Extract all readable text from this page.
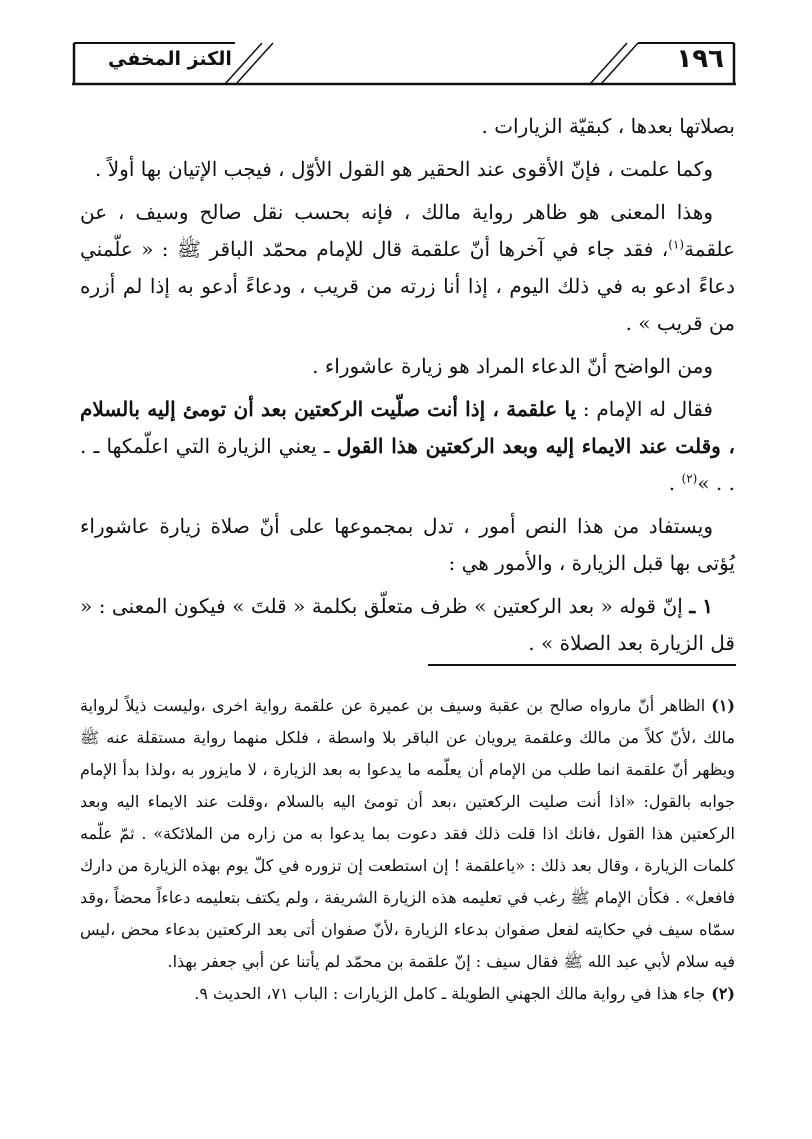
١٩٦
الكنز المخفي

بصلاتها بعدها ، كبقيّة الزيارات .

وكما علمت ، فإنّ الأقوى عند الحقير هو القول الأوّل ، فيجب الإتيان بها أولاً .

وهذا المعنى هو ظاهر رواية مالك ، فإنه بحسب نقل صالح وسيف ، عن علقمة$^{(١)}$، فقد جاء في آخرها أنّ علقمة قال للإمام محمّد الباقر ﷺ : « علّمني دعاءً ادعو به في ذلك اليوم ، إذا أنا زرته من قريب ، ودعاءً أدعو به إذا لم أزره من قريب » .

ومن الواضح أنّ الدعاء المراد هو زيارة عاشوراء .

فقال له الإمام : يا علقمة ، إذا أنت صلّيت الركعتين بعد أن تومئ إليه بالسلام ، وقلت عند الايماء إليه وبعد الركعتين هذا القول ـ يعني الزيارة التي اعلّمكها ـ . . . »$^{(٢)}$ .

ويستفاد من هذا النص أمور ، تدل بمجموعها على أنّ صلاة زيارة عاشوراء يُؤتى بها قبل الزيارة ، والأمور هي :

١ ـ إنّ قوله « بعد الركعتين » ظرف متعلّق بكلمة « قلتَ » فيكون المعنى : « قل الزيارة بعد الصلاة » .

(١)الظاهر أنّ مارواه صالح بن عقبة وسيف بن عميرة عن علقمة رواية اخرى ،وليست ذيلاً لرواية مالك ،لأنّ كلاً من مالك وعلقمة يرويان عن الباقر بلا واسطة ، فلكل منهما رواية مستقلة عنه ﷺ ويظهر أنّ علقمة انما طلب من الإمام أن يعلّمه ما يدعوا به بعد الزيارة ، لا مايزور به ،ولذا بدأ الإمام جوابه بالقول: «اذا أنت صليت الركعتين ،بعد أن تومئ اليه بالسلام ،وقلت عند الايماء اليه وبعد الركعتين هذا القول ،فانك اذا قلت ذلك فقد دعوت بما يدعوا به من زاره من الملائكة» . ثمّ علّمه كلمات الزيارة ، وقال بعد ذلك : «ياعلقمة ! إن استطعت إن تزوره في كلّ يوم بهذه الزيارة من دارك فافعل» . فكأن الإمام ﷺ رغب في تعليمه هذه الزيارة الشريفة ، ولم يكتف بتعليمه دعاءاً محضاً ،وقد سمّاه سيف في حكايته لفعل صفوان بدعاء الزيارة ،لأنّ صفوان أتى بعد الركعتين بدعاء محض ،ليس فيه سلام لأبي عبد الله ﷺ فقال سيف : إنّ علقمة بن محمّد لم يأتنا عن أبي جعفر بهذا.

(٢)جاء هذا في رواية مالك الجهني الطويلة ـ كامل الزيارات : الباب ٧١، الحديث ٩.
